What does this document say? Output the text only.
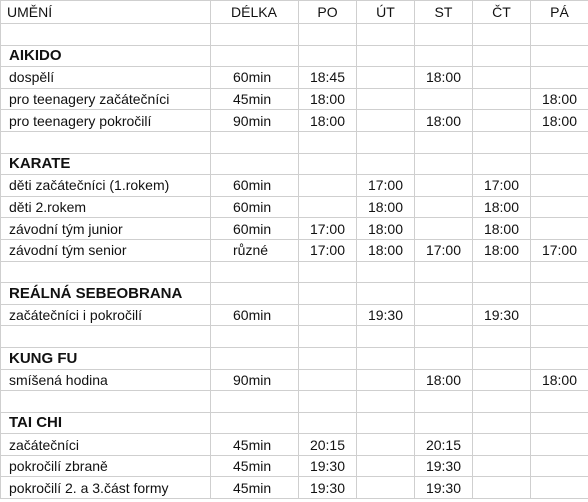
UMĚNÍ	DÉLKA	PO	ÚT	ST	ČT	PÁ

AIKIDO						
dospělí	60min	18:45		18:00		
pro teenagery začátečníci	45min	18:00				18:00
pro teenagery pokročilí	90min	18:00		18:00		18:00

KARATE						
děti začátečníci (1.rokem)	60min		17:00		17:00	
děti 2.rokem	60min		18:00		18:00	
závodní tým junior	60min	17:00	18:00		18:00	
závodní tým senior	různé	17:00	18:00	17:00	18:00	17:00

REÁLNÁ SEBEOBRANA						
začátečníci i pokročilí	60min		19:30		19:30	

KUNG FU						
smíšená hodina	90min			18:00		18:00

TAI CHI						
začátečníci	45min	20:15		20:15		
pokročilí zbraně	45min	19:30		19:30		
pokročilí 2. a 3.část formy	45min	19:30		19:30		
